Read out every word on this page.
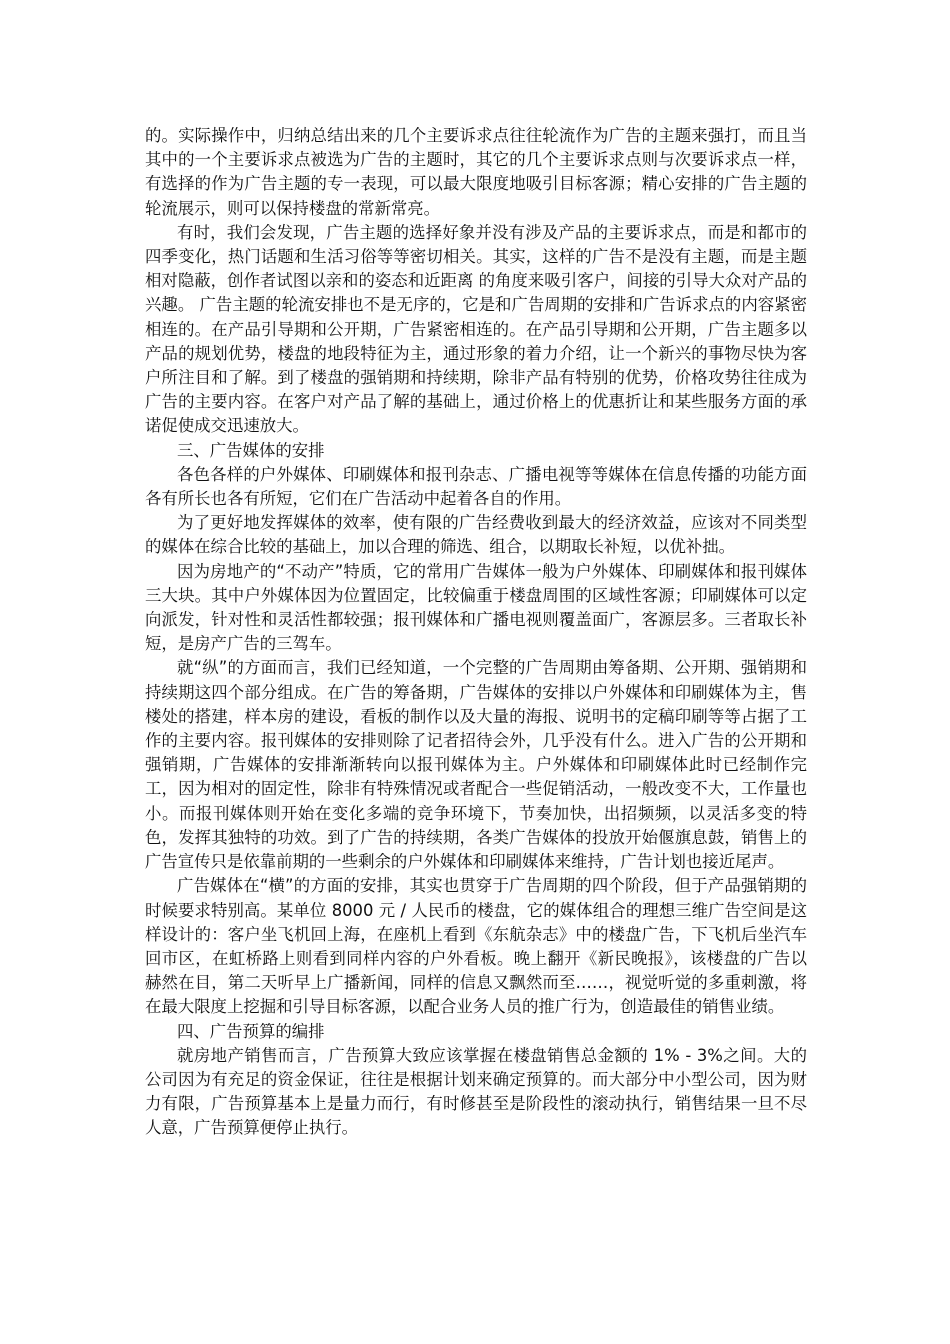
的。实际操作中，归纳总结出来的几个主要诉求点往往轮流作为广告的主题来强打，而且当其中的一个主要诉求点被选为广告的主题时，其它的几个主要诉求点则与次要诉求点一样，有选择的作为广告主题的专一表现，可以最大限度地吸引目标客源；精心安排的广告主题的轮流展示，则可以保持楼盘的常新常亮。

有时，我们会发现，广告主题的选择好象并没有涉及产品的主要诉求点，而是和都市的四季变化，热门话题和生活习俗等等密切相关。其实，这样的广告不是没有主题，而是主题相对隐蔽，创作者试图以亲和的姿态和近距离 的角度来吸引客户，间接的引导大众对产品的兴趣。 广告主题的轮流安排也不是无序的，它是和广告周期的安排和广告诉求点的内容紧密相连的。在产品引导期和公开期，广告紧密相连的。在产品引导期和公开期，广告主题多以产品的规划优势，楼盘的地段特征为主，通过形象的着力介绍，让一个新兴的事物尽快为客户所注目和了解。到了楼盘的强销期和持续期，除非产品有特别的优势，价格攻势往往成为广告的主要内容。在客户对产品了解的基础上，通过价格上的优惠折让和某些服务方面的承诺促使成交迅速放大。

三、广告媒体的安排

各色各样的户外媒体、印刷媒体和报刊杂志、广播电视等等媒体在信息传播的功能方面各有所长也各有所短，它们在广告活动中起着各自的作用。

为了更好地发挥媒体的效率，使有限的广告经费收到最大的经济效益，应该对不同类型的媒体在综合比较的基础上，加以合理的筛选、组合，以期取长补短，以优补拙。

因为房地产的“不动产”特质，它的常用广告媒体一般为户外媒体、印刷媒体和报刊媒体三大块。其中户外媒体因为位置固定，比较偏重于楼盘周围的区域性客源；印刷媒体可以定向派发，针对性和灵活性都较强；报刊媒体和广播电视则覆盖面广，客源层多。三者取长补短，是房产广告的三驾车。

就“纵”的方面而言，我们已经知道，一个完整的广告周期由筹备期、公开期、强销期和持续期这四个部分组成。在广告的筹备期，广告媒体的安排以户外媒体和印刷媒体为主，售楼处的搭建，样本房的建设，看板的制作以及大量的海报、说明书的定稿印刷等等占据了工作的主要内容。报刊媒体的安排则除了记者招待会外，几乎没有什么。进入广告的公开期和强销期，广告媒体的安排渐渐转向以报刊媒体为主。户外媒体和印刷媒体此时已经制作完工，因为相对的固定性，除非有特殊情况或者配合一些促销活动，一般改变不大，工作量也小。而报刊媒体则开始在变化多端的竞争环境下，节奏加快，出招频频，以灵活多变的特色，发挥其独特的功效。到了广告的持续期，各类广告媒体的投放开始偃旗息鼓，销售上的广告宣传只是依靠前期的一些剩余的户外媒体和印刷媒体来维持，广告计划也接近尾声。

广告媒体在“横”的方面的安排，其实也贯穿于广告周期的四个阶段，但于产品强销期的时候要求特别高。某单位 8000 元 / 人民币的楼盘，它的媒体组合的理想三维广告空间是这样设计的：客户坐飞机回上海，在座机上看到《东航杂志》中的楼盘广告，下飞机后坐汽车回市区，在虹桥路上则看到同样内容的户外看板。晚上翻开《新民晚报》，该楼盘的广告以赫然在目，第二天听早上广播新闻，同样的信息又飘然而至……，视觉听觉的多重刺激，将在最大限度上挖掘和引导目标客源，以配合业务人员的推广行为，创造最佳的销售业绩。

四、广告预算的编排

就房地产销售而言，广告预算大致应该掌握在楼盘销售总金额的 1% - 3%之间。大的公司因为有充足的资金保证，往往是根据计划来确定预算的。而大部分中小型公司，因为财力有限，广告预算基本上是量力而行，有时修甚至是阶段性的滚动执行，销售结果一旦不尽人意，广告预算便停止执行。
